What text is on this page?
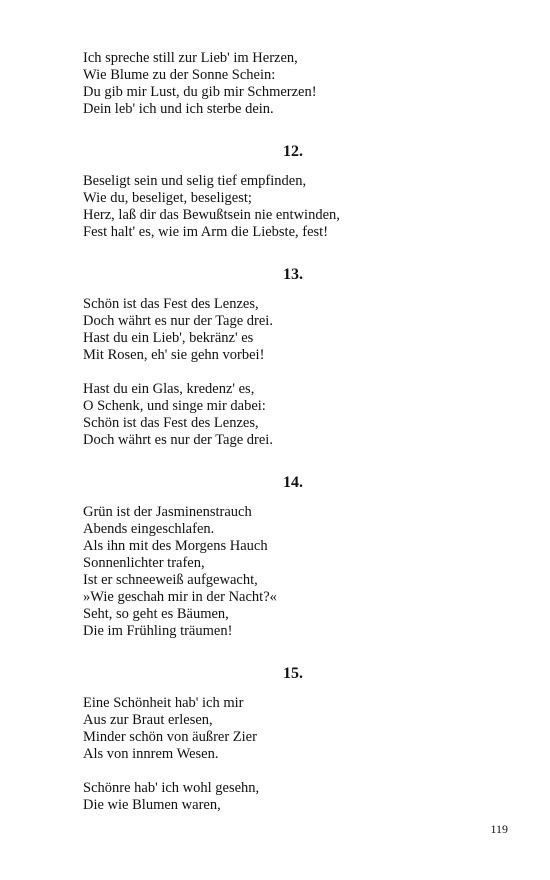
Ich spreche still zur Lieb' im Herzen,
Wie Blume zu der Sonne Schein:
Du gib mir Lust, du gib mir Schmerzen!
Dein leb' ich und ich sterbe dein.
12.
Beseligt sein und selig tief empfinden,
Wie du, beseliget, beseligest;
Herz, laß dir das Bewußtsein nie entwinden,
Fest halt' es, wie im Arm die Liebste, fest!
13.
Schön ist das Fest des Lenzes,
Doch währt es nur der Tage drei.
Hast du ein Lieb', bekränz' es
Mit Rosen, eh' sie gehn vorbei!
Hast du ein Glas, kredenz' es,
O Schenk, und singe mir dabei:
Schön ist das Fest des Lenzes,
Doch währt es nur der Tage drei.
14.
Grün ist der Jasminenstrauch
Abends eingeschlafen.
Als ihn mit des Morgens Hauch
Sonnenlichter trafen,
Ist er schneeweiß aufgewacht,
»Wie geschah mir in der Nacht?«
Seht, so geht es Bäumen,
Die im Frühling träumen!
15.
Eine Schönheit hab' ich mir
Aus zur Braut erlesen,
Minder schön von äußrer Zier
Als von innrem Wesen.
Schönre hab' ich wohl gesehn,
Die wie Blumen waren,
119
